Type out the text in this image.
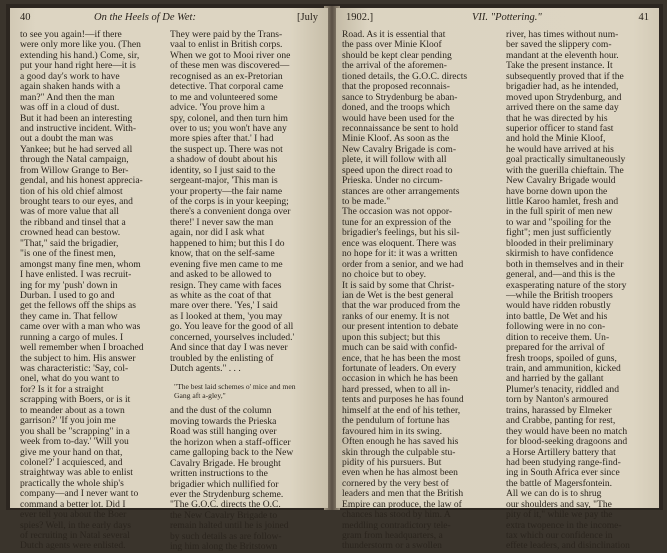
40	On the Heels of De Wet:	[July
to see you again!—if there
were only more like you. (Then
extending his hand.) Come, sir,
put your hand right here—it is
a good day's work to have
again shaken hands with a
man?" And then the man
was off in a cloud of dust.
But it had been an interesting
and instructive incident. With-
out a doubt the man was
Yankee; but he had served all
through the Natal campaign,
from Willow Grange to Ber-
gendal, and his honest apprecia-
tion of his old chief almost
brought tears to our eyes, and
was of more value that all
the ribband and tinsel that a
crowned head can bestow.
"That," said the brigadier,
"is one of the finest men,
amongst many fine men, whom
I have enlisted. I was recruit-
ing for my 'push' down in
Durban. I used to go and
get the fellows off the ships as
they came in. That fellow
came over with a man who was
running a cargo of mules. I
well remember when I broached
the subject to him. His answer
was characteristic: 'Say, col-
onel, what do you want to
for? Is it for a straight
scrapping with Boers, or is it
to meander about as a town
garrison?' 'If you join me
you shall be "scrapping" in a
week from to-day.' 'Will you
give me your hand on that,
colonel?' I acquiesced, and
straightway was able to enlist
practically the whole ship's
company—and I never want to
command a better lot. Did I
ever tell you about the Boer
spies? Well, in the early days
of recruiting in Natal several
Dutch agents were enlisted.
They were paid by the Trans-
vaal to enlist in British corps.
When we got to Mooi river one
of these men was discovered—
recognised as an ex-Pretorian
detective. That corporal came
to me and volunteered some
advice. 'You prove him a
spy, colonel, and then turn him
over to us; you won't have any
more spies after that.' I had
the suspect up. There was not
a shadow of doubt about his
identity, so I just said to the
sergeant-major, 'This man is
your property—the fair name
of the corps is in your keeping;
there's a convenient donga over
there!' I never saw the man
again, nor did I ask what
happened to him; but this I do
know, that on the self-same
evening five men came to me
and asked to be allowed to
resign. They came with faces
as white as the coat of that
mare over there. 'Yes,' I said
as I looked at them, 'you may
go. You leave for the good of all
concerned, yourselves included.'
And since that day I was never
troubled by the enlisting of
Dutch agents." . . .
"The best laid schemes o' mice and men
Gang aft a-gley,"
and the dust of the column
moving towards the Prieska
Road was still hanging over
the horizon when a staff-officer
came galloping back to the New
Cavalry Brigade. He brought
written instructions to the
brigadier which nullified for
ever the Strydenburg scheme.
"The G.O.C. directs the O.C.
the New Cavalry Brigade to
remain halted until he is joined
by such details as are follow-
ing him along the Britstown
1902.]	VII. "Pottering."	41
Road. As it is essential that
the pass over Minie Kloof
should be kept clear pending
the arrival of the aforemen-
tioned details, the G.O.C. directs
that the proposed reconnais-
sance to Strydenburg be aban-
doned, and the troops which
would have been used for the
reconnaissance be sent to hold
Minie Kloof. As soon as the
New Cavalry Brigade is com-
plete, it will follow with all
speed upon the direct road to
Prieska. Under no circum-
stances are other arrangements
to be made."
The occasion was not oppor-
tune for an expression of the
brigadier's feelings, but his sil-
ence was eloquent. There was
no hope for it: it was a written
order from a senior, and we had
no choice but to obey.
It is said by some that Christ-
ian de Wet is the best general
that the war produced from the
ranks of our enemy. It is not
our present intention to debate
upon this subject; but this
much can be said with confid-
ence, that he has been the most
fortunate of leaders. On every
occasion in which he has been
hard pressed, when to all in-
tents and purposes he has found
himself at the end of his tether,
the pendulum of fortune has
favoured him in its swing.
Often enough he has saved his
skin through the culpable stu-
pidity of his pursuers. But
even when he has almost been
cornered by the very best of
leaders and men that the British
Empire can produce, the law of
chances has stood by him. A
meddling contradictory tele-
gram from headquarters, a
thunderstorm or a swollen
river, has times without num-
ber saved the slippery com-
mandant at the eleventh hour.
Take the present instance. It
subsequently proved that if the
brigadier had, as he intended,
moved upon Strydenburg, and
arrived there on the same day
that he was directed by his
superior officer to stand fast
and hold the Minie Kloof,
he would have arrived at his
goal practically simultaneously
with the guerilla chieftain. The
New Cavalry Brigade would
have borne down upon the
little Karoo hamlet, fresh and
in the full spirit of men new
to war and "spoiling for the
fight"; men just sufficiently
blooded in their preliminary
skirmish to have confidence
both in themselves and in their
general, and—and this is the
exasperating nature of the story
—while the British troopers
would have ridden robustly
into battle, De Wet and his
following were in no con-
dition to receive them. Un-
prepared for the arrival of
fresh troops, spoiled of guns,
train, and ammunition, kicked
and harried by the gallant
Plumer's tenacity, riddled and
torn by Nanton's armoured
trains, harassed by Elmeker
and Crabbe, panting for rest,
they would have been no match
for blood-seeking dragoons and
a Horse Artillery battery that
had been studying range-find-
ing in South Africa ever since
the battle of Magersfontein.
All we can do is to shrug
our shoulders and say, "The
pity of it," while we pay the
extra twopence in the income-
tax which our confidence in
effete leaders, and disinclination
